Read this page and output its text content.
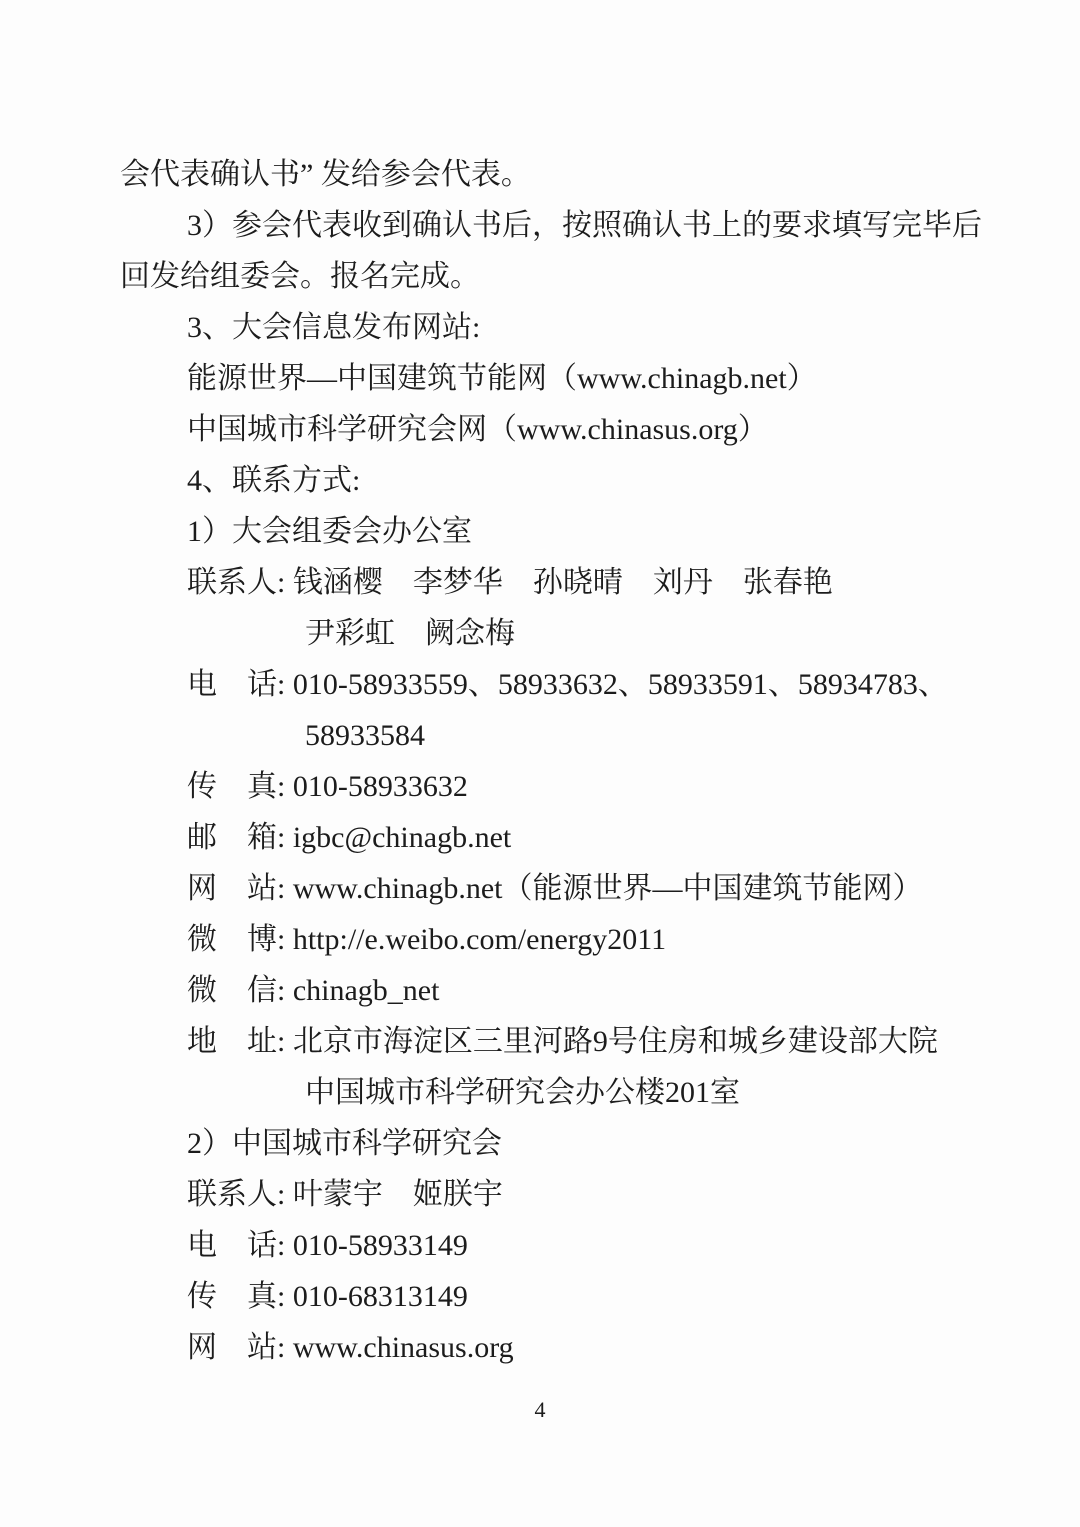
会代表确认书” 发给参会代表。
3）参会代表收到确认书后，按照确认书上的要求填写完毕后
回发给组委会。报名完成。
3、大会信息发布网站:
能源世界—中国建筑节能网（www.chinagb.net）
中国城市科学研究会网（www.chinasus.org）
4、联系方式:
1）大会组委会办公室
联系人: 钱涵樱　李梦华　孙晓晴　刘丹　张春艳
尹彩虹　阙念梅
电　话: 010-58933559、58933632、58933591、58934783、
58933584
传　真: 010-58933632
邮　箱: igbc@chinagb.net
网　站: www.chinagb.net（能源世界—中国建筑节能网）
微　博: http://e.weibo.com/energy2011
微　信: chinagb_net
地　址: 北京市海淀区三里河路9号住房和城乡建设部大院
中国城市科学研究会办公楼201室
2）中国城市科学研究会
联系人: 叶蒙宇　姬朕宇
电　话: 010-58933149
传　真: 010-68313149
网　站: www.chinasus.org
4
